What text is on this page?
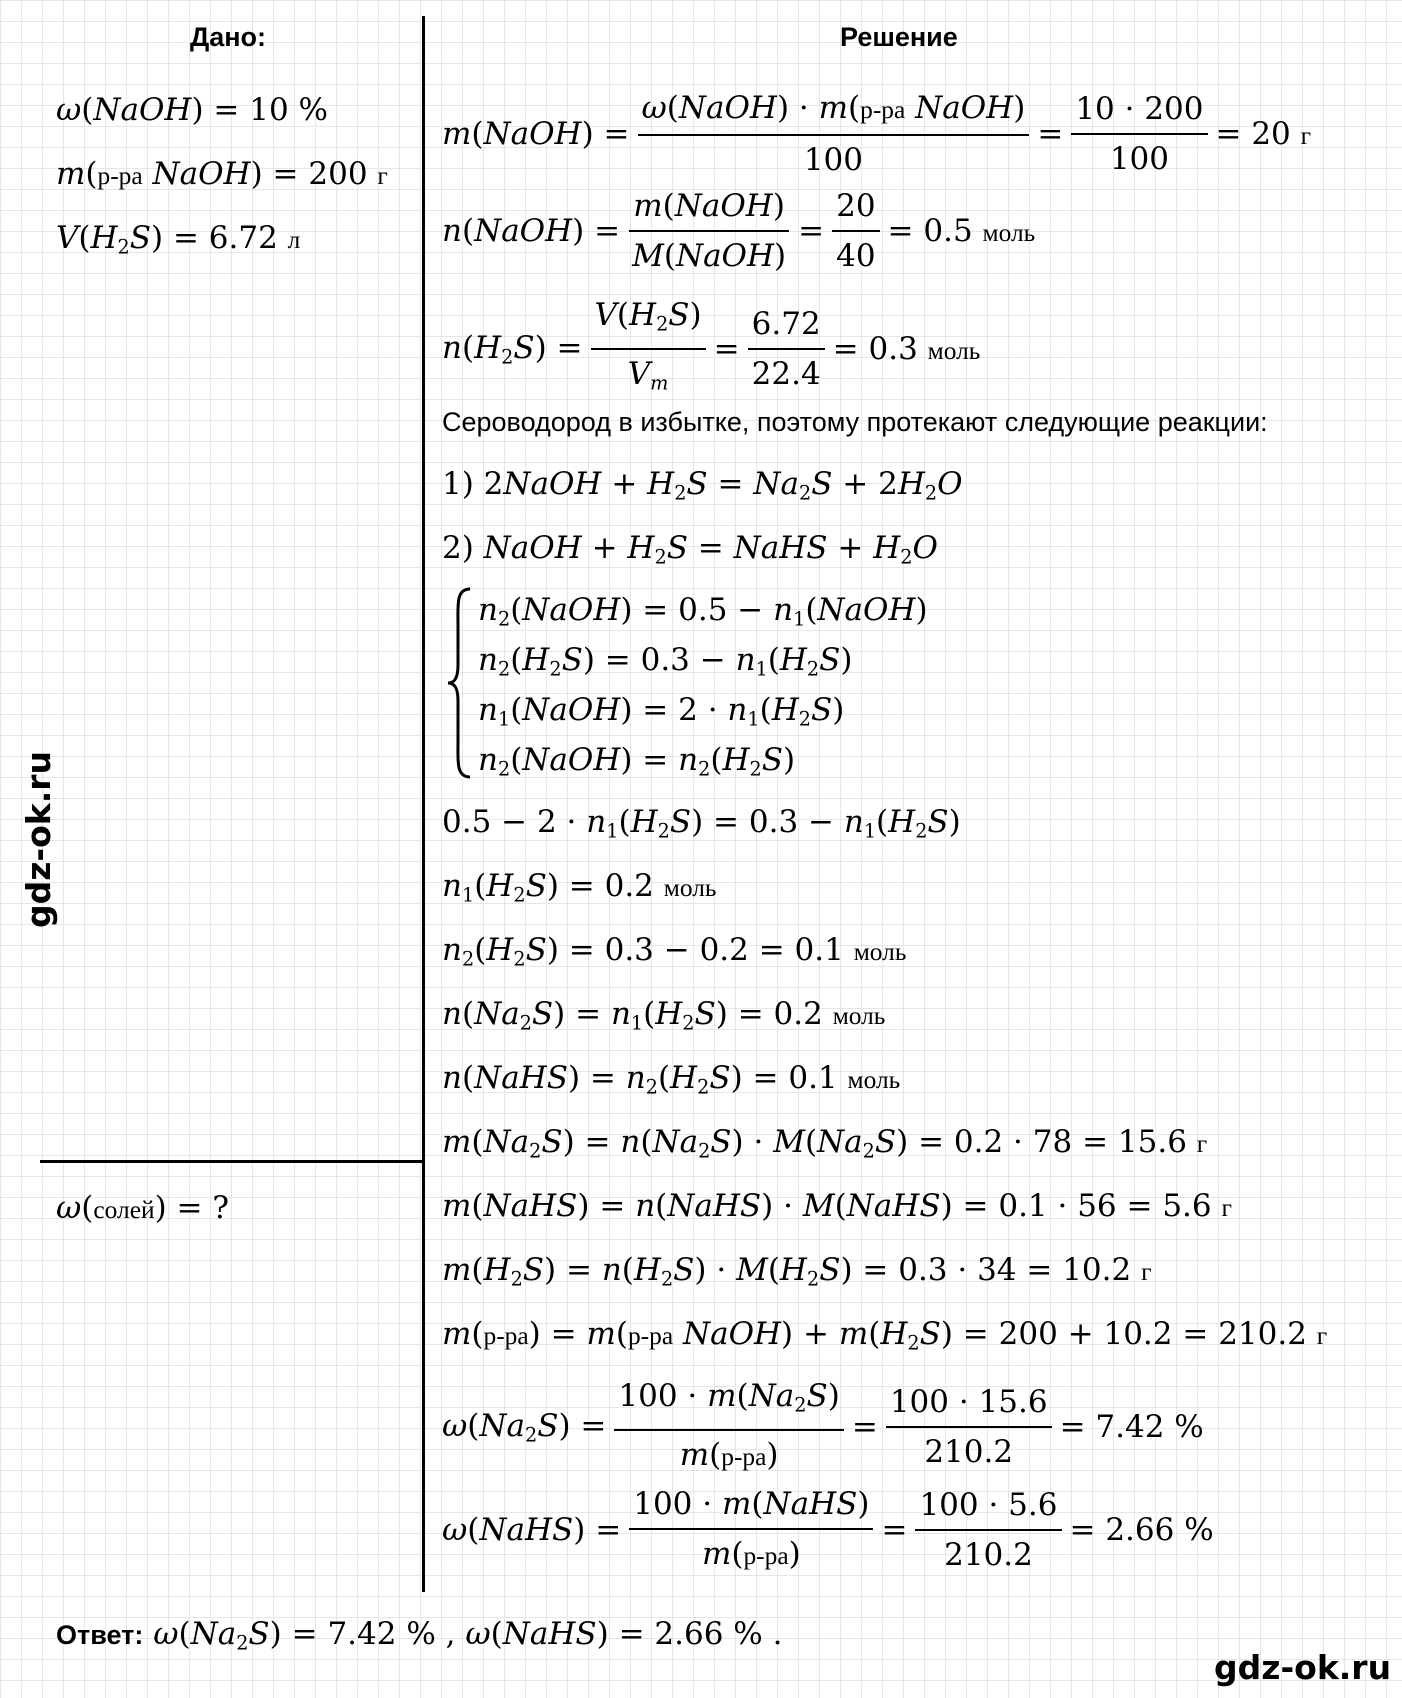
Дано:	Решение
ω(NaOH) = 10 %
m(р-ра NaOH) = 200 г
$V(H_2S) = 6.72$ л
ω(солей) = ?
m(NaOH) = $\frac{\text{ω(NaOH) · m(р-ра NaOH)}}{100} = \frac{10 \cdot 200}{100} = 20$ г
n(NaOH) = $\frac{\text{m(NaOH)}}{\text{M(NaOH)}} = \frac{20}{40} = 0.5$ моль
$n(H_2S) = \frac{V(H_2S)}{V_m} = \frac{6.72}{22.4} = 0.3$ моль
Сероводород в избытке, поэтому протекают следующие реакции:
1) 2NaOH + $H_2S = Na_2S + 2H_2O$
2) NaOH + $H_2S$ = NaHS + $H_2O$
$n_2(NaOH) = 0.5$ − $n_1(NaOH)$
$n_2(H_2S) = 0.3 - n_1(H_2S)$
$n_1(NaOH) = 2 \cdot n_1(H_2S)$
$n_2(NaOH) = n_2(H_2S)$
$0.5 - 2 \cdot n_1(H_2S) = 0.3 - n_1(H_2S)$
$n_1(H_2S) = 0.2$ моль
$n_2(H_2S) = 0.3 - 0.2 = 0.1$ моль
$n(Na_2S) = n_1(H_2S) = 0.2$ моль
n(NaHS) = $n_2(H_2S) = 0.1$ моль
$m(Na_2S) = n(Na_2S) \cdot M(Na_2S) = 0.2 \cdot 78 = 15.6$ г
m(NaHS) = n(NaHS) · M(NaHS) = 0.1 · 56 = 5.6 г
$m(H_2S) = n(H_2S) \cdot M(H_2S) = 0.3 \cdot 34 = 10.2$ г
m(р-ра) = m(р-ра NaOH) + $m(H_2S) = 200 + 10.2 = 210.2$ г
$\omega(Na_2S) = \frac{100 \cdot m(Na_2S)}{m(р-ра)} = \frac{100 \cdot 15.6}{210.2} = 7.42$ %
ω(NaHS) = $\frac{\text{100 · m(NaHS)}}{m(р-ра)} = \frac{100 \cdot 5.6}{210.2} = 2.66$ %
Ответ: $\omega(Na_2S) = 7.42$ % , ω(NaHS) = 2.66 % .
gdz-ok.ru
gdz-ok.ru
